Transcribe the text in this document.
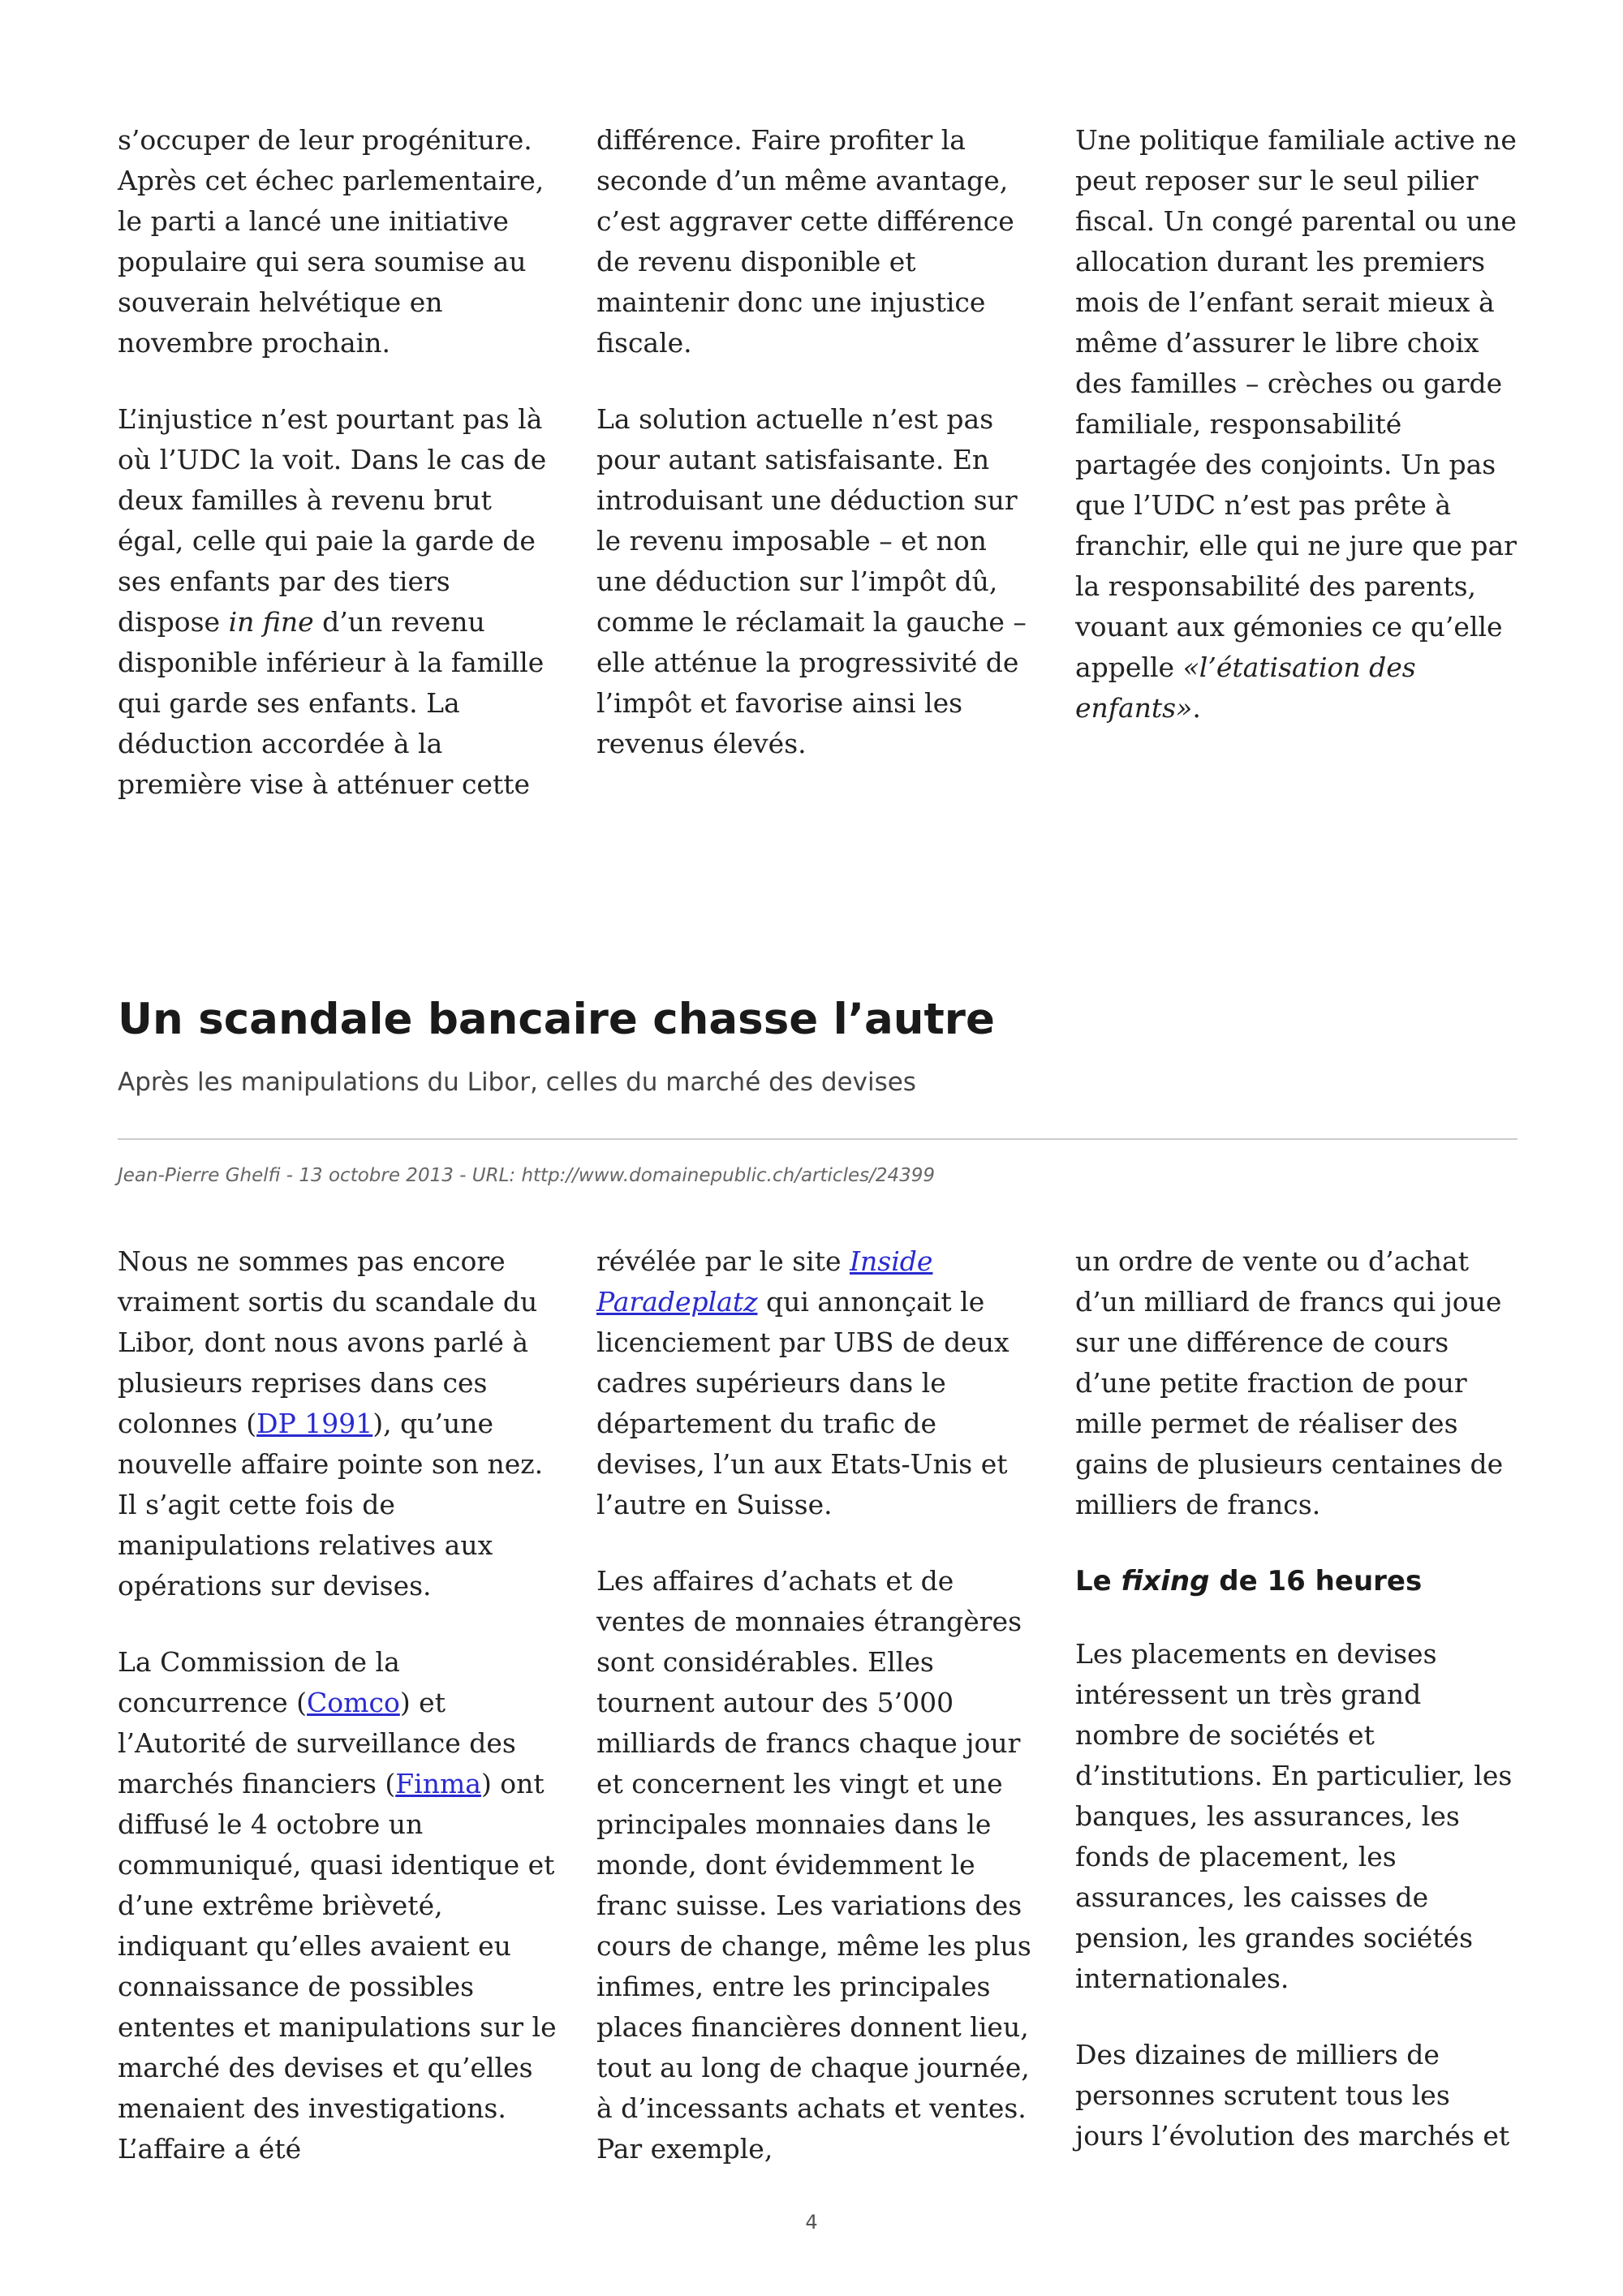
s’occuper de leur progéniture. Après cet échec parlementaire, le parti a lancé une initiative populaire qui sera soumise au souverain helvétique en novembre prochain.

L’injustice n’est pourtant pas là où l’UDC la voit. Dans le cas de deux familles à revenu brut égal, celle qui paie la garde de ses enfants par des tiers dispose in fine d’un revenu disponible inférieur à la famille qui garde ses enfants. La déduction accordée à la première vise à atténuer cette

différence. Faire profiter la seconde d’un même avantage, c’est aggraver cette différence de revenu disponible et maintenir donc une injustice fiscale.

La solution actuelle n’est pas pour autant satisfaisante. En introduisant une déduction sur le revenu imposable – et non une déduction sur l’impôt dû, comme le réclamait la gauche – elle atténue la progressivité de l’impôt et favorise ainsi les revenus élevés.

Une politique familiale active ne peut reposer sur le seul pilier fiscal. Un congé parental ou une allocation durant les premiers mois de l’enfant serait mieux à même d’assurer le libre choix des familles – crèches ou garde familiale, responsabilité partagée des conjoints. Un pas que l’UDC n’est pas prête à franchir, elle qui ne jure que par la responsabilité des parents, vouant aux gémonies ce qu’elle appelle «l’étatisation des enfants».

Un scandale bancaire chasse l’autre

Après les manipulations du Libor, celles du marché des devises

Jean-Pierre Ghelfi - 13 octobre 2013 - URL: http://www.domainepublic.ch/articles/24399

Nous ne sommes pas encore vraiment sortis du scandale du Libor, dont nous avons parlé à plusieurs reprises dans ces colonnes (DP 1991), qu’une nouvelle affaire pointe son nez. Il s’agit cette fois de manipulations relatives aux opérations sur devises.

La Commission de la concurrence (Comco) et l’Autorité de surveillance des marchés financiers (Finma) ont diffusé le 4 octobre un communiqué, quasi identique et d’une extrême brièveté, indiquant qu’elles avaient eu connaissance de possibles ententes et manipulations sur le marché des devises et qu’elles menaient des investigations. L’affaire a été

révélée par le site Inside Paradeplatz qui annonçait le licenciement par UBS de deux cadres supérieurs dans le département du trafic de devises, l’un aux Etats-Unis et l’autre en Suisse.

Les affaires d’achats et de ventes de monnaies étrangères sont considérables. Elles tournent autour des 5’000 milliards de francs chaque jour et concernent les vingt et une principales monnaies dans le monde, dont évidemment le franc suisse. Les variations des cours de change, même les plus infimes, entre les principales places financières donnent lieu, tout au long de chaque journée, à d’incessants achats et ventes. Par exemple,

un ordre de vente ou d’achat d’un milliard de francs qui joue sur une différence de cours d’une petite fraction de pour mille permet de réaliser des gains de plusieurs centaines de milliers de francs.

Le fixing de 16 heures

Les placements en devises intéressent un très grand nombre de sociétés et d’institutions. En particulier, les banques, les assurances, les fonds de placement, les assurances, les caisses de pension, les grandes sociétés internationales.

Des dizaines de milliers de personnes scrutent tous les jours l’évolution des marchés et

4
